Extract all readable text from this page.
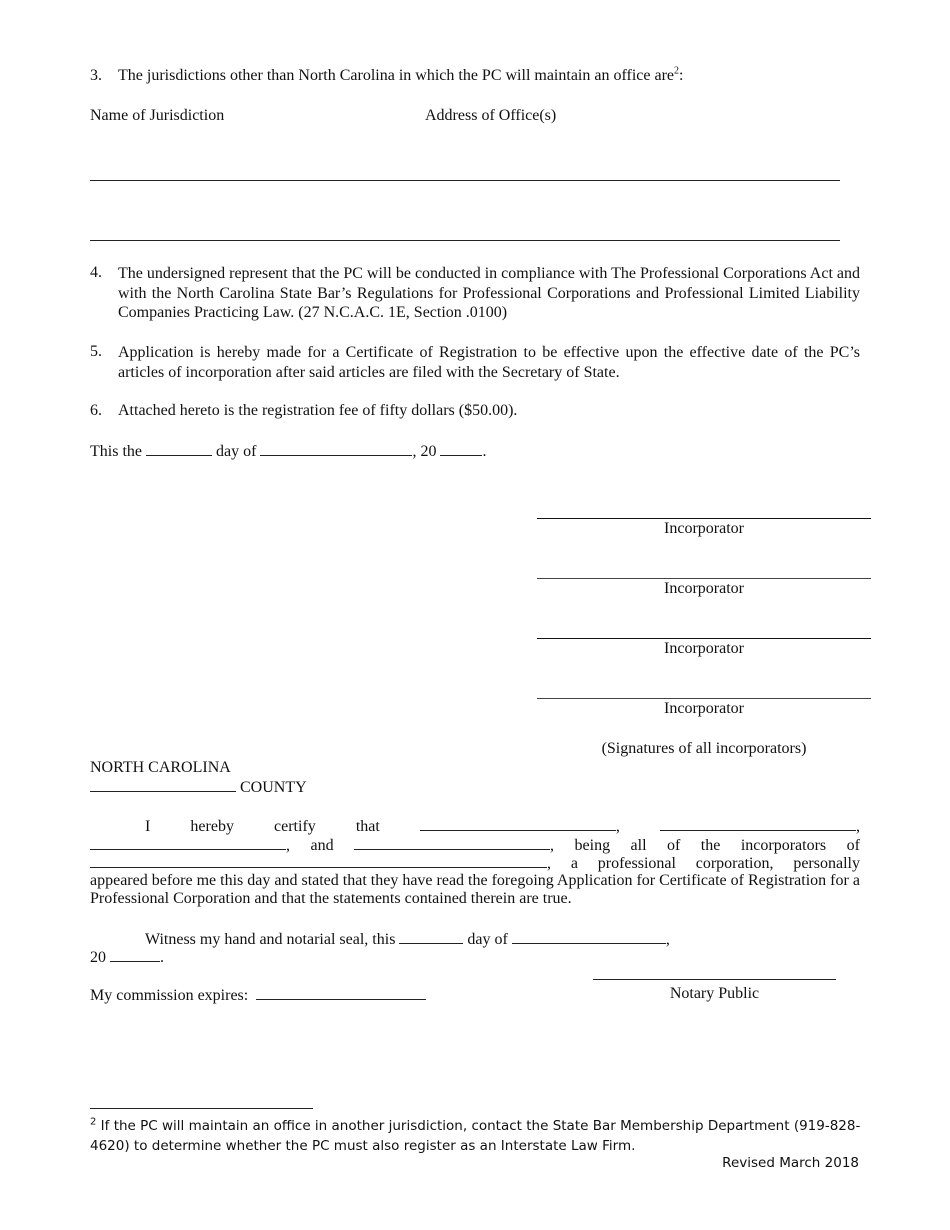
3. The jurisdictions other than North Carolina in which the PC will maintain an office are$^2$:
Name of Jurisdiction	Address of Office(s)
4. The undersigned represent that the PC will be conducted in compliance with The Professional Corporations Act and with the North Carolina State Bar’s Regulations for Professional Corporations and Professional Limited Liability Companies Practicing Law. (27 N.C.A.C. 1E, Section .0100)
5. Application is hereby made for a Certificate of Registration to be effective upon the effective date of the PC’s articles of incorporation after said articles are filed with the Secretary of State.
6. Attached hereto is the registration fee of fifty dollars ($50.00).
This the	day of	, 20	.
Incorporator
Incorporator
Incorporator
Incorporator
(Signatures of all incorporators)
NORTH CAROLINA
COUNTY
I	hereby	certify	that	,	,
, and	, being all of the incorporators of
, a professional corporation, personally
appeared before me this day and stated that they have read the foregoing Application for Certificate of Registration for a Professional Corporation and that the statements contained therein are true.
Witness my hand and notarial seal, this	day of	,
20	.
My commission expires:	Notary Public
$^2$ If the PC will maintain an office in another jurisdiction, contact the State Bar Membership Department (919-828-4620) to determine whether the PC must also register as an Interstate Law Firm.
Revised March 2018
